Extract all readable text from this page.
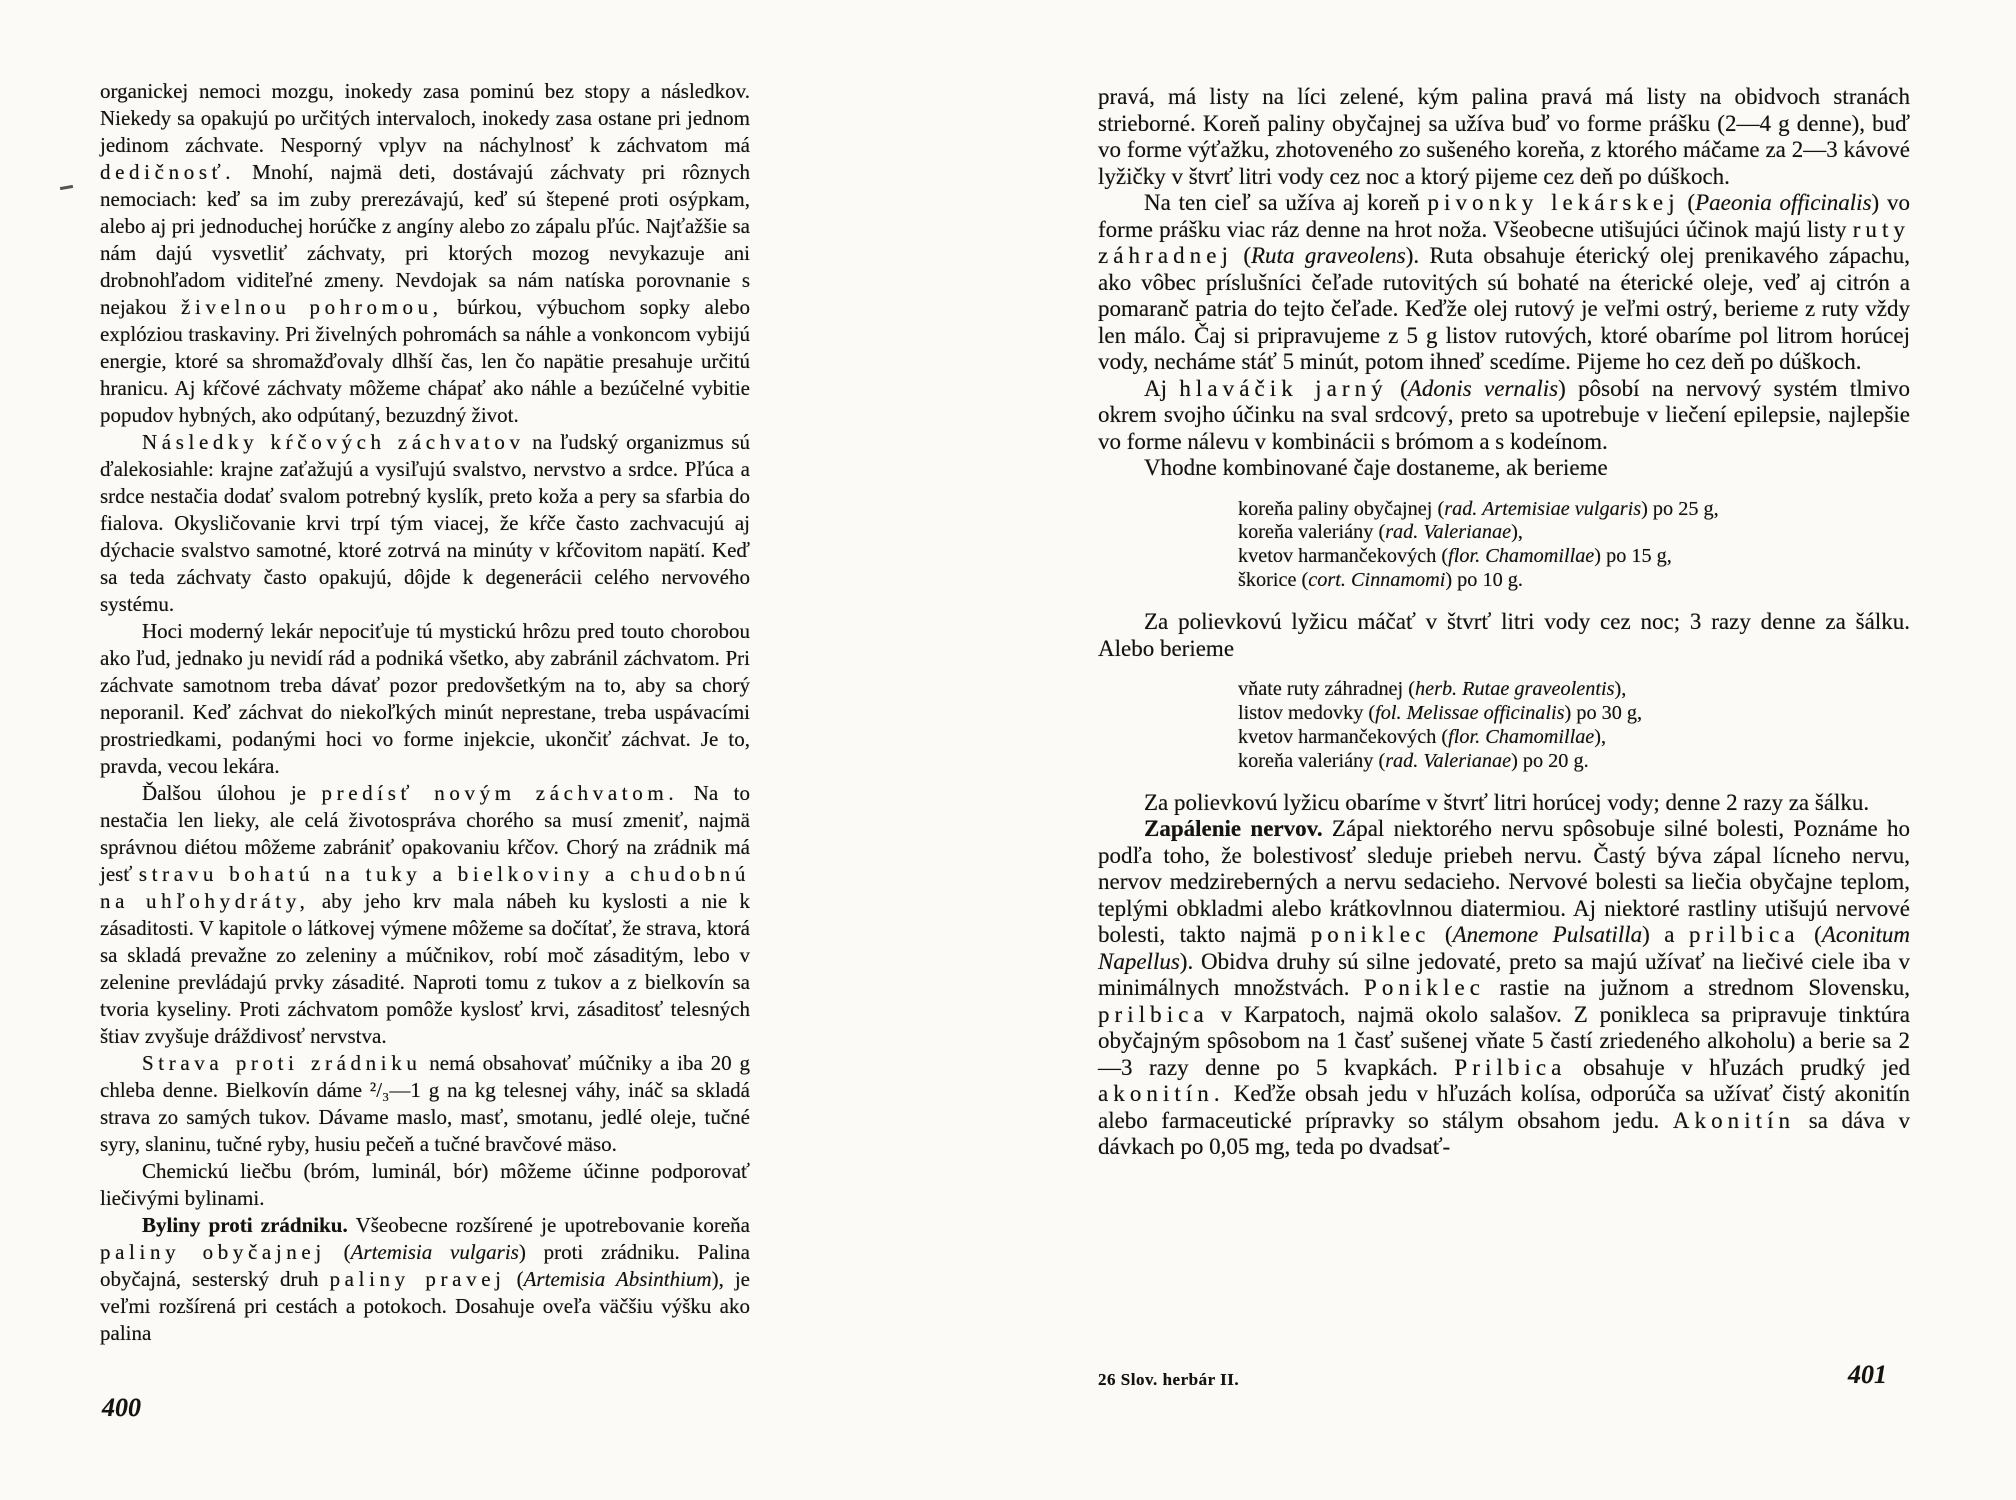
organickej nemoci mozgu, inokedy zasa pominú bez stopy a následkov. Niekedy sa opakujú po určitých intervaloch, inokedy zasa ostane pri jednom jedinom záchvate. Nesporný vplyv na náchylnosť k záchvatom má dedičnosť. Mnohí, najmä deti, dostávajú záchvaty pri rôznych nemociach: keď sa im zuby prerezávajú, keď sú štepené proti osýpkam, alebo aj pri jednoduchej horúčke z angíny alebo zo zápalu pľúc. Najťažšie sa nám dajú vysvetliť záchvaty, pri ktorých mozog nevykazuje ani drobnohľadom viditeľné zmeny. Nevdojak sa nám natíska porovnanie s nejakou živelnou pohromou, búrkou, výbuchom sopky alebo explóziou traskaviny. Pri živelných pohromách sa náhle a vonkoncom vybijú energie, ktoré sa shromažďovaly dlhší čas, len čo napätie presahuje určitú hranicu. Aj kŕčové záchvaty môžeme chápať ako náhle a bezúčelné vybitie popudov hybných, ako odpútaný, bezuzdný život.

Následky kŕčových záchvatov na ľudský organizmus sú ďalekosiahle: krajne zaťažujú a vysiľujú svalstvo, nervstvo a srdce. Pľúca a srdce nestačia dodať svalom potrebný kyslík, preto koža a pery sa sfarbia do fialova. Okysličovanie krvi trpí tým viacej, že kŕče často zachvacujú aj dýchacie svalstvo samotné, ktoré zotrvá na minúty v kŕčovitom napätí. Keď sa teda záchvaty často opakujú, dôjde k degenerácii celého nervového systému.

Hoci moderný lekár nepociťuje tú mystickú hrôzu pred touto chorobou ako ľud, jednako ju nevidí rád a podniká všetko, aby zabránil záchvatom. Pri záchvate samotnom treba dávať pozor predovšetkým na to, aby sa chorý neporanil. Keď záchvat do niekoľkých minút neprestane, treba uspávacími prostriedkami, podanými hoci vo forme injekcie, ukončiť záchvat. Je to, pravda, vecou lekára.

Ďalšou úlohou je predísť novým záchvatom. Na to nestačia len lieky, ale celá životospráva chorého sa musí zmeniť, najmä správnou diétou môžeme zabrániť opakovaniu kŕčov. Chorý na zrádnik má jesť stravu bohatú na tuky a bielkoviny a chudobnú na uhľohydráty, aby jeho krv mala nábeh ku kyslosti a nie k zásaditosti. V kapitole o látkovej výmene môžeme sa dočítať, že strava, ktorá sa skladá prevažne zo zeleniny a múčnikov, robí moč zásaditým, lebo v zelenine prevládajú prvky zásadité. Naproti tomu z tukov a z bielkovín sa tvoria kyseliny. Proti záchvatom pomôže kyslosť krvi, zásaditosť telesných štiav zvyšuje dráždivosť nervstva.

Strava proti zrádniku nemá obsahovať múčniky a iba 20 g chleba denne. Bielkovín dáme ²/₃—1 g na kg telesnej váhy, ináč sa skladá strava zo samých tukov. Dávame maslo, masť, smotanu, jedlé oleje, tučné syry, slaninu, tučné ryby, husiu pečeň a tučné bravčové mäso.

Chemickú liečbu (bróm, luminál, bór) môžeme účinne podporovať liečivými bylinami.

Byliny proti zrádniku. Všeobecne rozšírené je upotrebovanie koreňa paliny obyčajnej (Artemisia vulgaris) proti zrádniku. Palina obyčajná, sesterský druh paliny pravej (Artemisia Absinthium), je veľmi rozšírená pri cestách a potokoch. Dosahuje oveľa väčšiu výšku ako palina

pravá, má listy na líci zelené, kým palina pravá má listy na obidvoch stranách strieborné. Koreň paliny obyčajnej sa užíva buď vo forme prášku (2—4 g denne), buď vo forme výťažku, zhotoveného zo sušeného koreňa, z ktorého máčame za 2—3 kávové lyžičky v štvrť litri vody cez noc a ktorý pijeme cez deň po dúškoch.

Na ten cieľ sa užíva aj koreň pivonky lekárskej (Paeonia officinalis) vo forme prášku viac ráz denne na hrot noža. Všeobecne utišujúci účinok majú listy ruty záhradnej (Ruta graveolens). Ruta obsahuje éterický olej prenikavého zápachu, ako vôbec príslušníci čeľade rutovitých sú bohaté na éterické oleje, veď aj citrón a pomaranč patria do tejto čeľade. Keďže olej rutový je veľmi ostrý, berieme z ruty vždy len málo. Čaj si pripravujeme z 5 g listov rutových, ktoré obaríme pol litrom horúcej vody, necháme stáť 5 minút, potom ihneď scedíme. Pijeme ho cez deň po dúškoch.

Aj hlaváčik jarný (Adonis vernalis) pôsobí na nervový systém tlmivo okrem svojho účinku na sval srdcový, preto sa upotrebuje v liečení epilepsie, najlepšie vo forme nálevu v kombinácii s brómom a s kodeínom.

Vhodne kombinované čaje dostaneme, ak berieme

koreňa paliny obyčajnej (rad. Artemisiae vulgaris) po 25 g,

koreňa valeriány (rad. Valerianae),

kvetov harmančekových (flor. Chamomillae) po 15 g,

škorice (cort. Cinnamomi) po 10 g.

Za polievkovú lyžicu máčať v štvrť litri vody cez noc; 3 razy denne za šálku. Alebo berieme

vňate ruty záhradnej (herb. Rutae graveolentis),

listov medovky (fol. Melissae officinalis) po 30 g,

kvetov harmančekových (flor. Chamomillae),

koreňa valeriány (rad. Valerianae) po 20 g.

Za polievkovú lyžicu obaríme v štvrť litri horúcej vody; denne 2 razy za šálku.

Zapálenie nervov. Zápal niektorého nervu spôsobuje silné bolesti, Poznáme ho podľa toho, že bolestivosť sleduje priebeh nervu. Častý býva zápal lícneho nervu, nervov medzireberných a nervu sedacieho. Nervové bolesti sa liečia obyčajne teplom, teplými obkladmi alebo krátkovlnnou diatermiou. Aj niektoré rastliny utišujú nervové bolesti, takto najmä poniklec (Anemone Pulsatilla) a prilbica (Aconitum Napellus). Obidva druhy sú silne jedovaté, preto sa majú užívať na liečivé ciele iba v minimálnych množstvách. Poniklec rastie na južnom a strednom Slovensku, prilbica v Karpatoch, najmä okolo salašov. Z ponikleca sa pripravuje tinktúra obyčajným spôsobom na 1 časť sušenej vňate 5 častí zriedeného alkoholu) a berie sa 2—3 razy denne po 5 kvapkách. Prilbica obsahuje v hľuzách prudký jed akonitín. Keďže obsah jedu v hľuzách kolísa, odporúča sa užívať čistý akonitín alebo farmaceutické prípravky so stálym obsahom jedu. Akonitín sa dáva v dávkach po 0,05 mg, teda po dvadsať-

400
26 Slov. herbár II.	401
